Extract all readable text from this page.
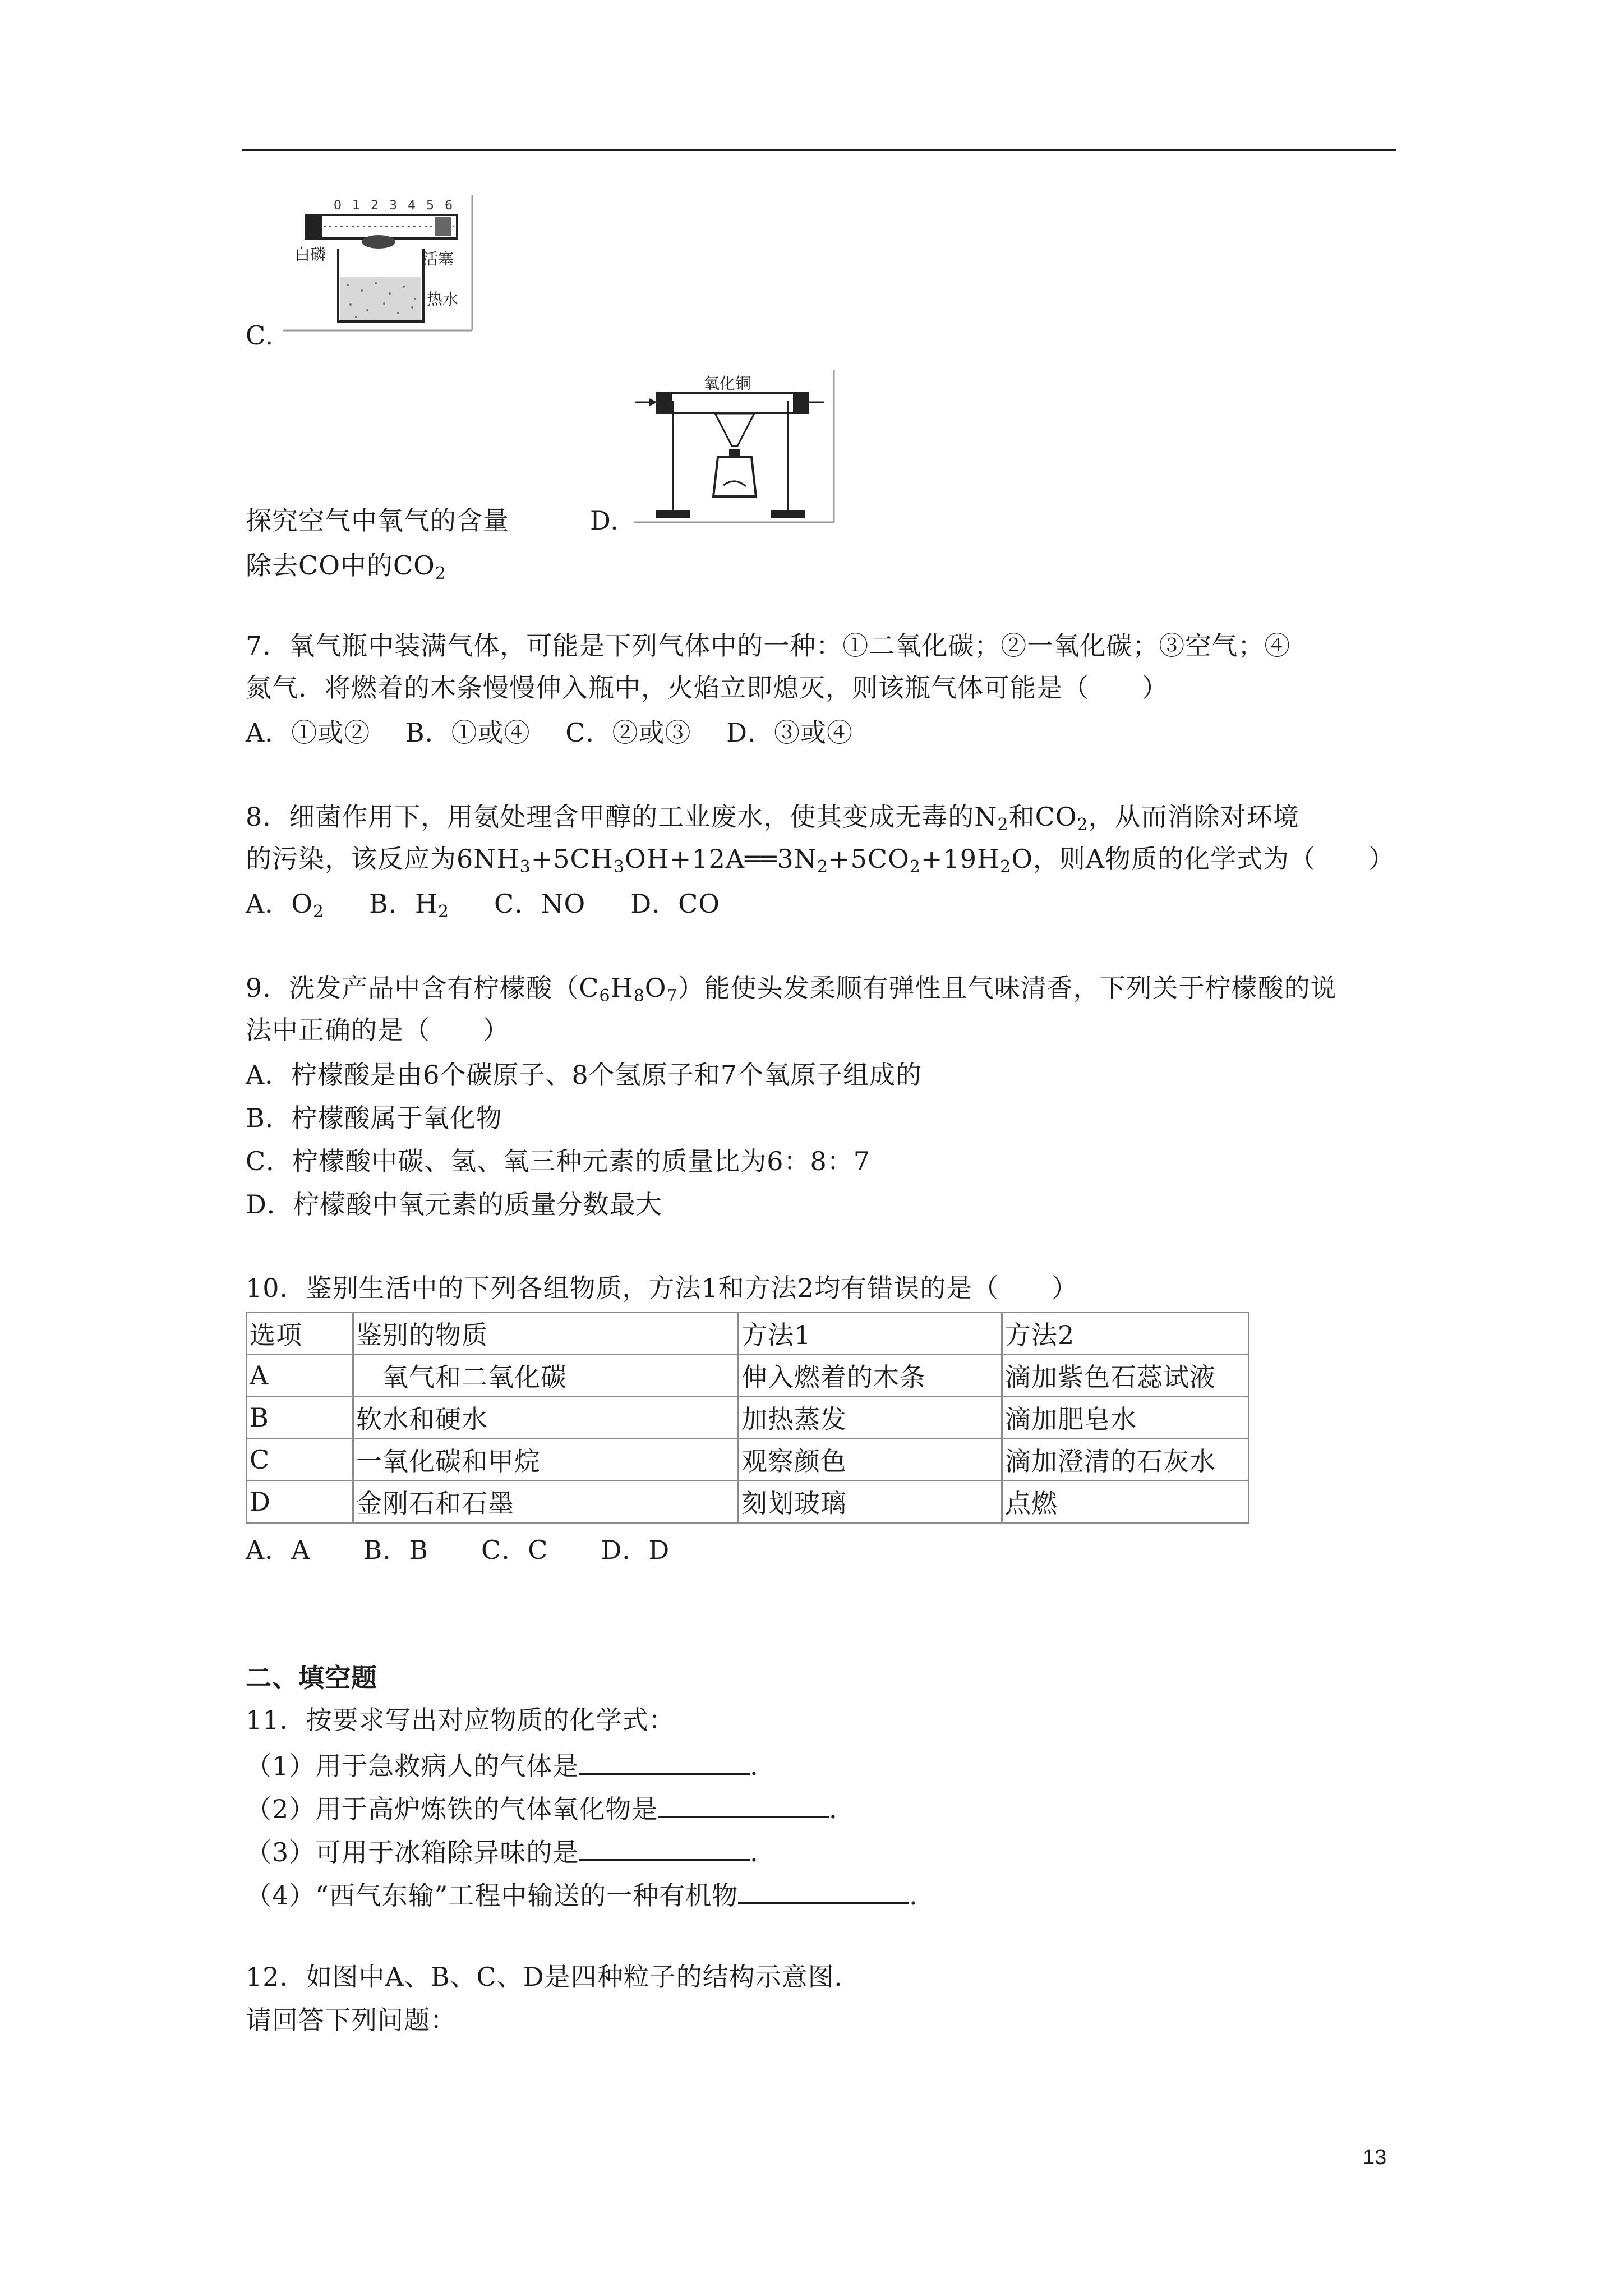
0 1 2 3 4 5 6
白磷	活塞
热水
C.
氧化铜
探究空气中氧气的含量	D.
除去CO中的$CO_2$
7．氧气瓶中装满气体，可能是下列气体中的一种：①二氧化碳；②一氧化碳；③空气；④
氮气．将燃着的木条慢慢伸入瓶中，火焰立即熄灭，则该瓶气体可能是（　　）
A．①或②　 B．①或④　 C．②或③　 D．③或④
8．细菌作用下，用氨处理含甲醇的工业废水，使其变成无毒的$N_2$和$CO_2$，从而消除对环境
的污染，该反应为$6NH_3+5CH_3OH+12A══3N_2+5CO_2+19H_2O$，则A物质的化学式为（　　）
A．$O_2$ B．$H_2$ C．NO D．CO
9．洗发产品中含有柠檬酸$(C_6H_8O_7)$能使头发柔顺有弹性且气味清香，下列关于柠檬酸的说
法中正确的是（　　）
A．柠檬酸是由6个碳原子、8个氢原子和7个氧原子组成的
B．柠檬酸属于氧化物
C．柠檬酸中碳、氢、氧三种元素的质量比为6：8：7
D．柠檬酸中氧元素的质量分数最大
10．鉴别生活中的下列各组物质，方法1和方法2均有错误的是（　　）
选项	鉴别的物质	方法1	方法2
A	　氧气和二氧化碳	伸入燃着的木条	滴加紫色石蕊试液
B	软水和硬水	加热蒸发	滴加肥皂水
C	一氧化碳和甲烷	观察颜色	滴加澄清的石灰水
D	金刚石和石墨	刻划玻璃	点燃
A．A　　B．B　　C．C　　D．D
二、填空题
11．按要求写出对应物质的化学式：
（1）用于急救病人的气体是	．
（2）用于高炉炼铁的气体氧化物是	．
（3）可用于冰箱除异味的是	．
（4）“西气东输”工程中输送的一种有机物	．
12．如图中A、B、C、D是四种粒子的结构示意图．
请回答下列问题：
13
